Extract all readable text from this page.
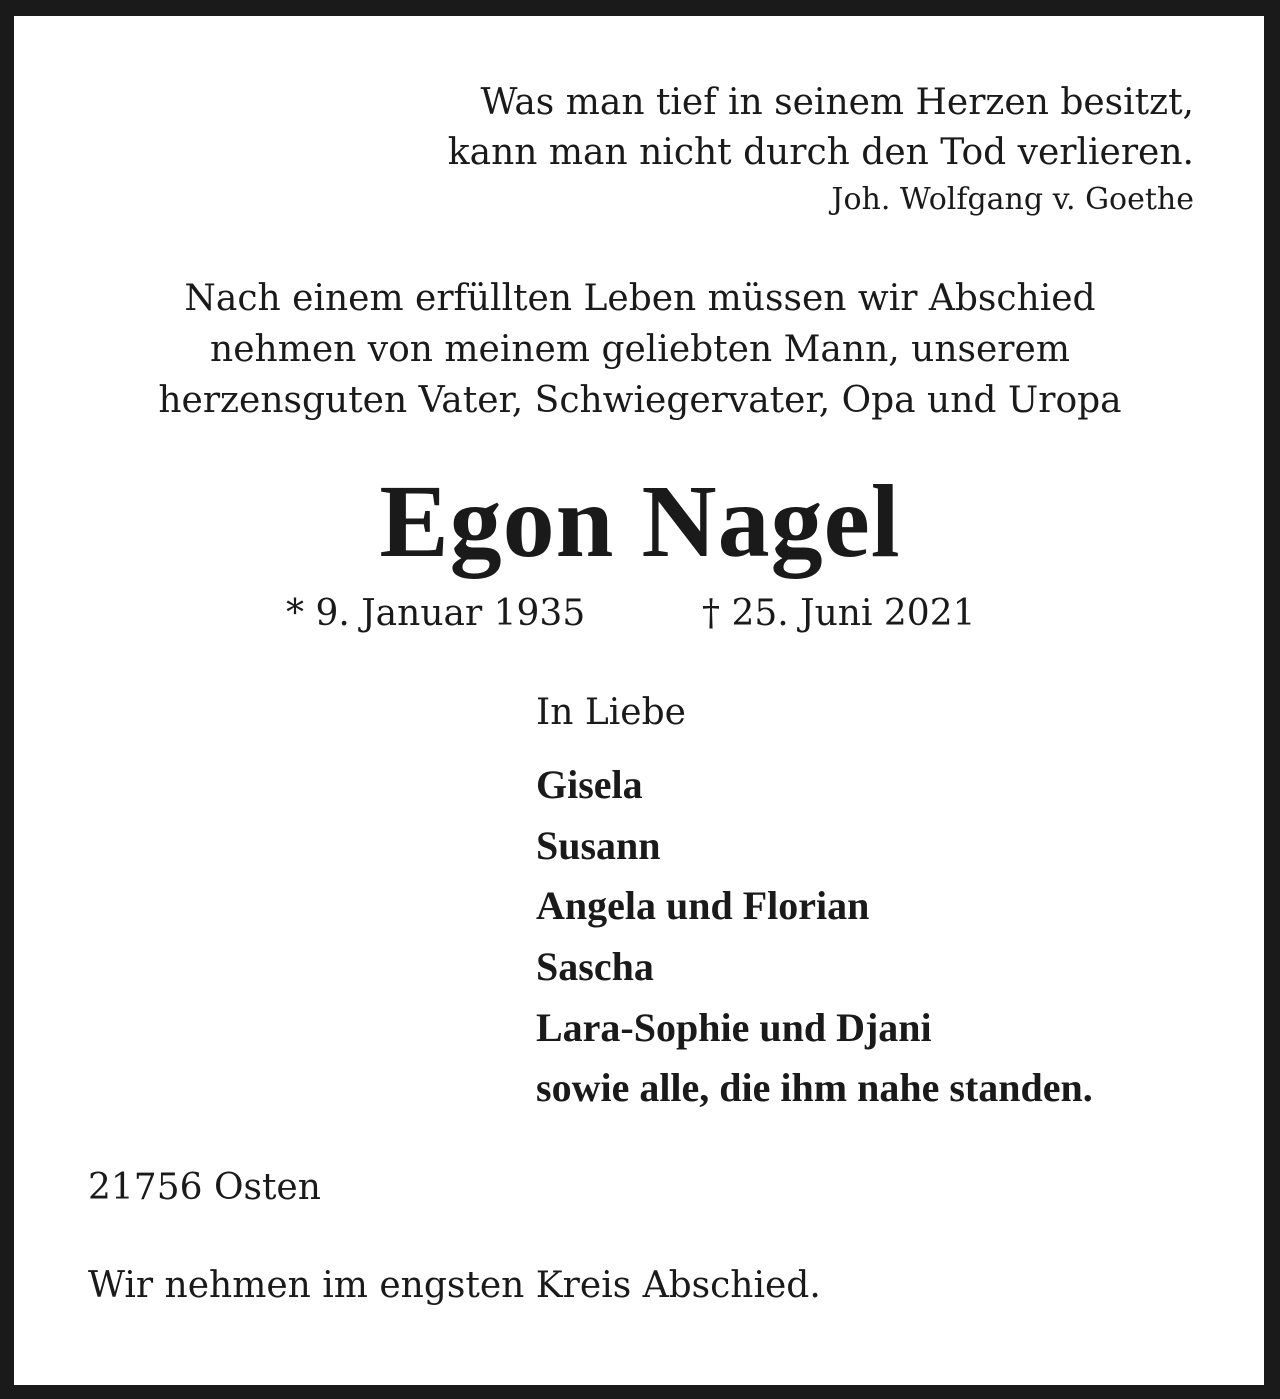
Was man tief in seinem Herzen besitzt,
kann man nicht durch den Tod verlieren.
Joh. Wolfgang v. Goethe
Nach einem erfüllten Leben müssen wir Abschied
nehmen von meinem geliebten Mann, unserem
herzensguten Vater, Schwiegervater, Opa und Uropa
Egon Nagel
* 9. Januar 1935	† 25. Juni 2021
In Liebe
Gisela
Susann
Angela und Florian
Sascha
Lara-Sophie und Djani
sowie alle, die ihm nahe standen.
21756 Osten
Wir nehmen im engsten Kreis Abschied.
